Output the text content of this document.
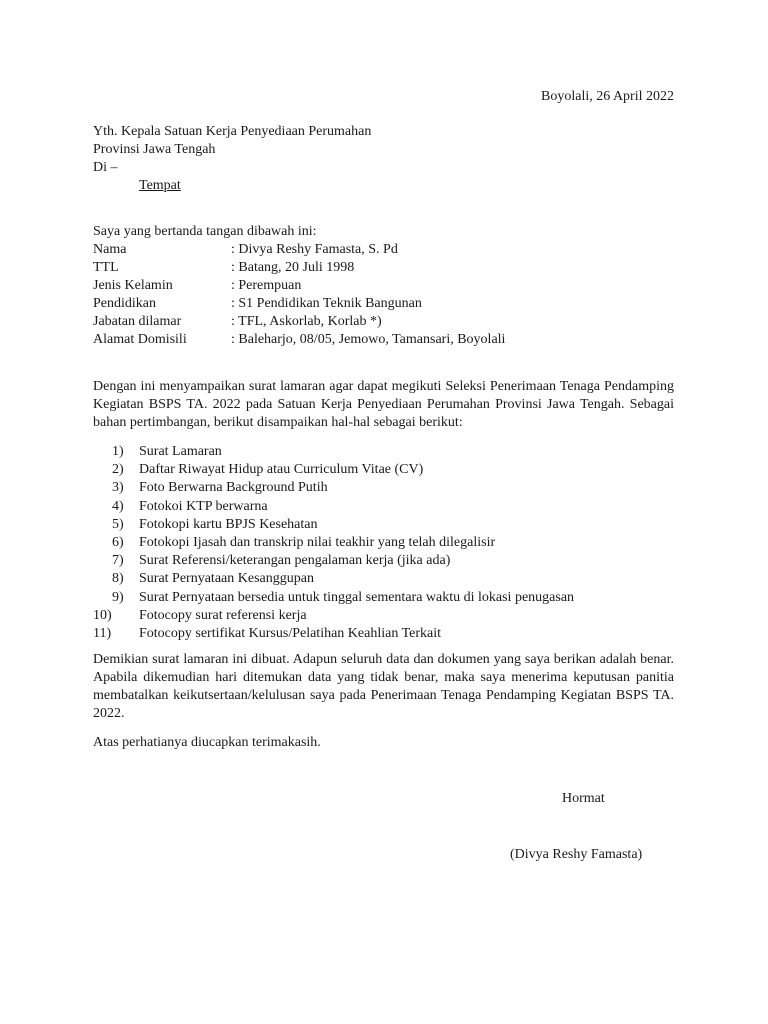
Boyolali, 26 April 2022
Yth. Kepala Satuan Kerja Penyediaan Perumahan
Provinsi Jawa Tengah
Di –
Tempat
Saya yang bertanda tangan dibawah ini:
Nama	: Divya Reshy Famasta, S. Pd
TTL	: Batang, 20 Juli 1998
Jenis Kelamin	: Perempuan
Pendidikan	: S1 Pendidikan Teknik Bangunan
Jabatan dilamar	: TFL, Askorlab, Korlab *)
Alamat Domisili	: Baleharjo, 08/05, Jemowo, Tamansari, Boyolali
Dengan ini menyampaikan surat lamaran agar dapat megikuti Seleksi Penerimaan Tenaga Pendamping Kegiatan BSPS TA. 2022 pada Satuan Kerja Penyediaan Perumahan Provinsi Jawa Tengah. Sebagai bahan pertimbangan, berikut disampaikan hal-hal sebagai berikut:
1)	Surat Lamaran
2)	Daftar Riwayat Hidup atau Curriculum Vitae (CV)
3)	Foto Berwarna Background Putih
4)	Fotokoi KTP berwarna
5)	Fotokopi kartu BPJS Kesehatan
6)	Fotokopi Ijasah dan transkrip nilai teakhir yang telah dilegalisir
7)	Surat Referensi/keterangan pengalaman kerja (jika ada)
8)	Surat Pernyataan Kesanggupan
9)	Surat Pernyataan bersedia untuk tinggal sementara waktu di lokasi penugasan
10)	Fotocopy surat referensi kerja
11)	Fotocopy sertifikat Kursus/Pelatihan Keahlian Terkait
Demikian surat lamaran ini dibuat. Adapun seluruh data dan dokumen yang saya berikan adalah benar. Apabila dikemudian hari ditemukan data yang tidak benar, maka saya menerima keputusan panitia membatalkan keikutsertaan/kelulusan saya pada Penerimaan Tenaga Pendamping Kegiatan BSPS TA. 2022.
Atas perhatianya diucapkan terimakasih.
Hormat
(Divya Reshy Famasta)
